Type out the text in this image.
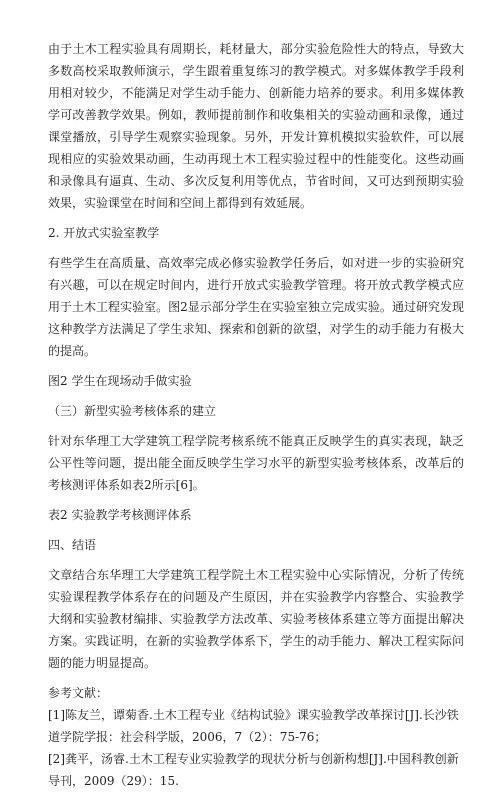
由于土木工程实验具有周期长，耗材量大，部分实验危险性大的特点，导致大多数高校采取教师演示，学生跟着重复练习的教学模式。对多媒体教学手段利用相对较少，不能满足对学生动手能力、创新能力培养的要求。利用多媒体教学可改善教学效果。例如，教师提前制作和收集相关的实验动画和录像，通过课堂播放，引导学生观察实验现象。另外，开发计算机模拟实验软件，可以展现相应的实验效果动画，生动再现土木工程实验过程中的性能变化。这些动画和录像具有逼真、生动、多次反复利用等优点，节省时间，又可达到预期实验效果，实验课堂在时间和空间上都得到有效延展。

2. 开放式实验室教学

有些学生在高质量、高效率完成必修实验教学任务后，如对进一步的实验研究有兴趣，可以在规定时间内，进行开放式实验教学管理。将开放式教学模式应用于土木工程实验室。图2显示部分学生在实验室独立完成实验。通过研究发现这种教学方法满足了学生求知、探索和创新的欲望，对学生的动手能力有极大的提高。

图2 学生在现场动手做实验

（三）新型实验考核体系的建立

针对东华理工大学建筑工程学院考核系统不能真正反映学生的真实表现，缺乏公平性等问题，提出能全面反映学生学习水平的新型实验考核体系，改革后的考核测评体系如表2所示[6]。

表2 实验教学考核测评体系

四、结语

文章结合东华理工大学建筑工程学院土木工程实验中心实际情况，分析了传统实验课程教学体系存在的问题及产生原因，并在实验教学内容整合、实验教学大纲和实验教材编排、实验教学方法改革、实验考核体系建立等方面提出解决方案。实践证明，在新的实验教学体系下，学生的动手能力、解决工程实际问题的能力明显提高。

参考文献：

[1]陈友兰，谭菊香.土木工程专业《结构试验》课实验教学改革探讨[J].长沙铁道学院学报：社会科学版，2006，7（2）：75-76；

[2]龚平，汤睿.土木工程专业实验教学的现状分析与创新构想[J].中国科教创新导刊，2009（29）：15.
